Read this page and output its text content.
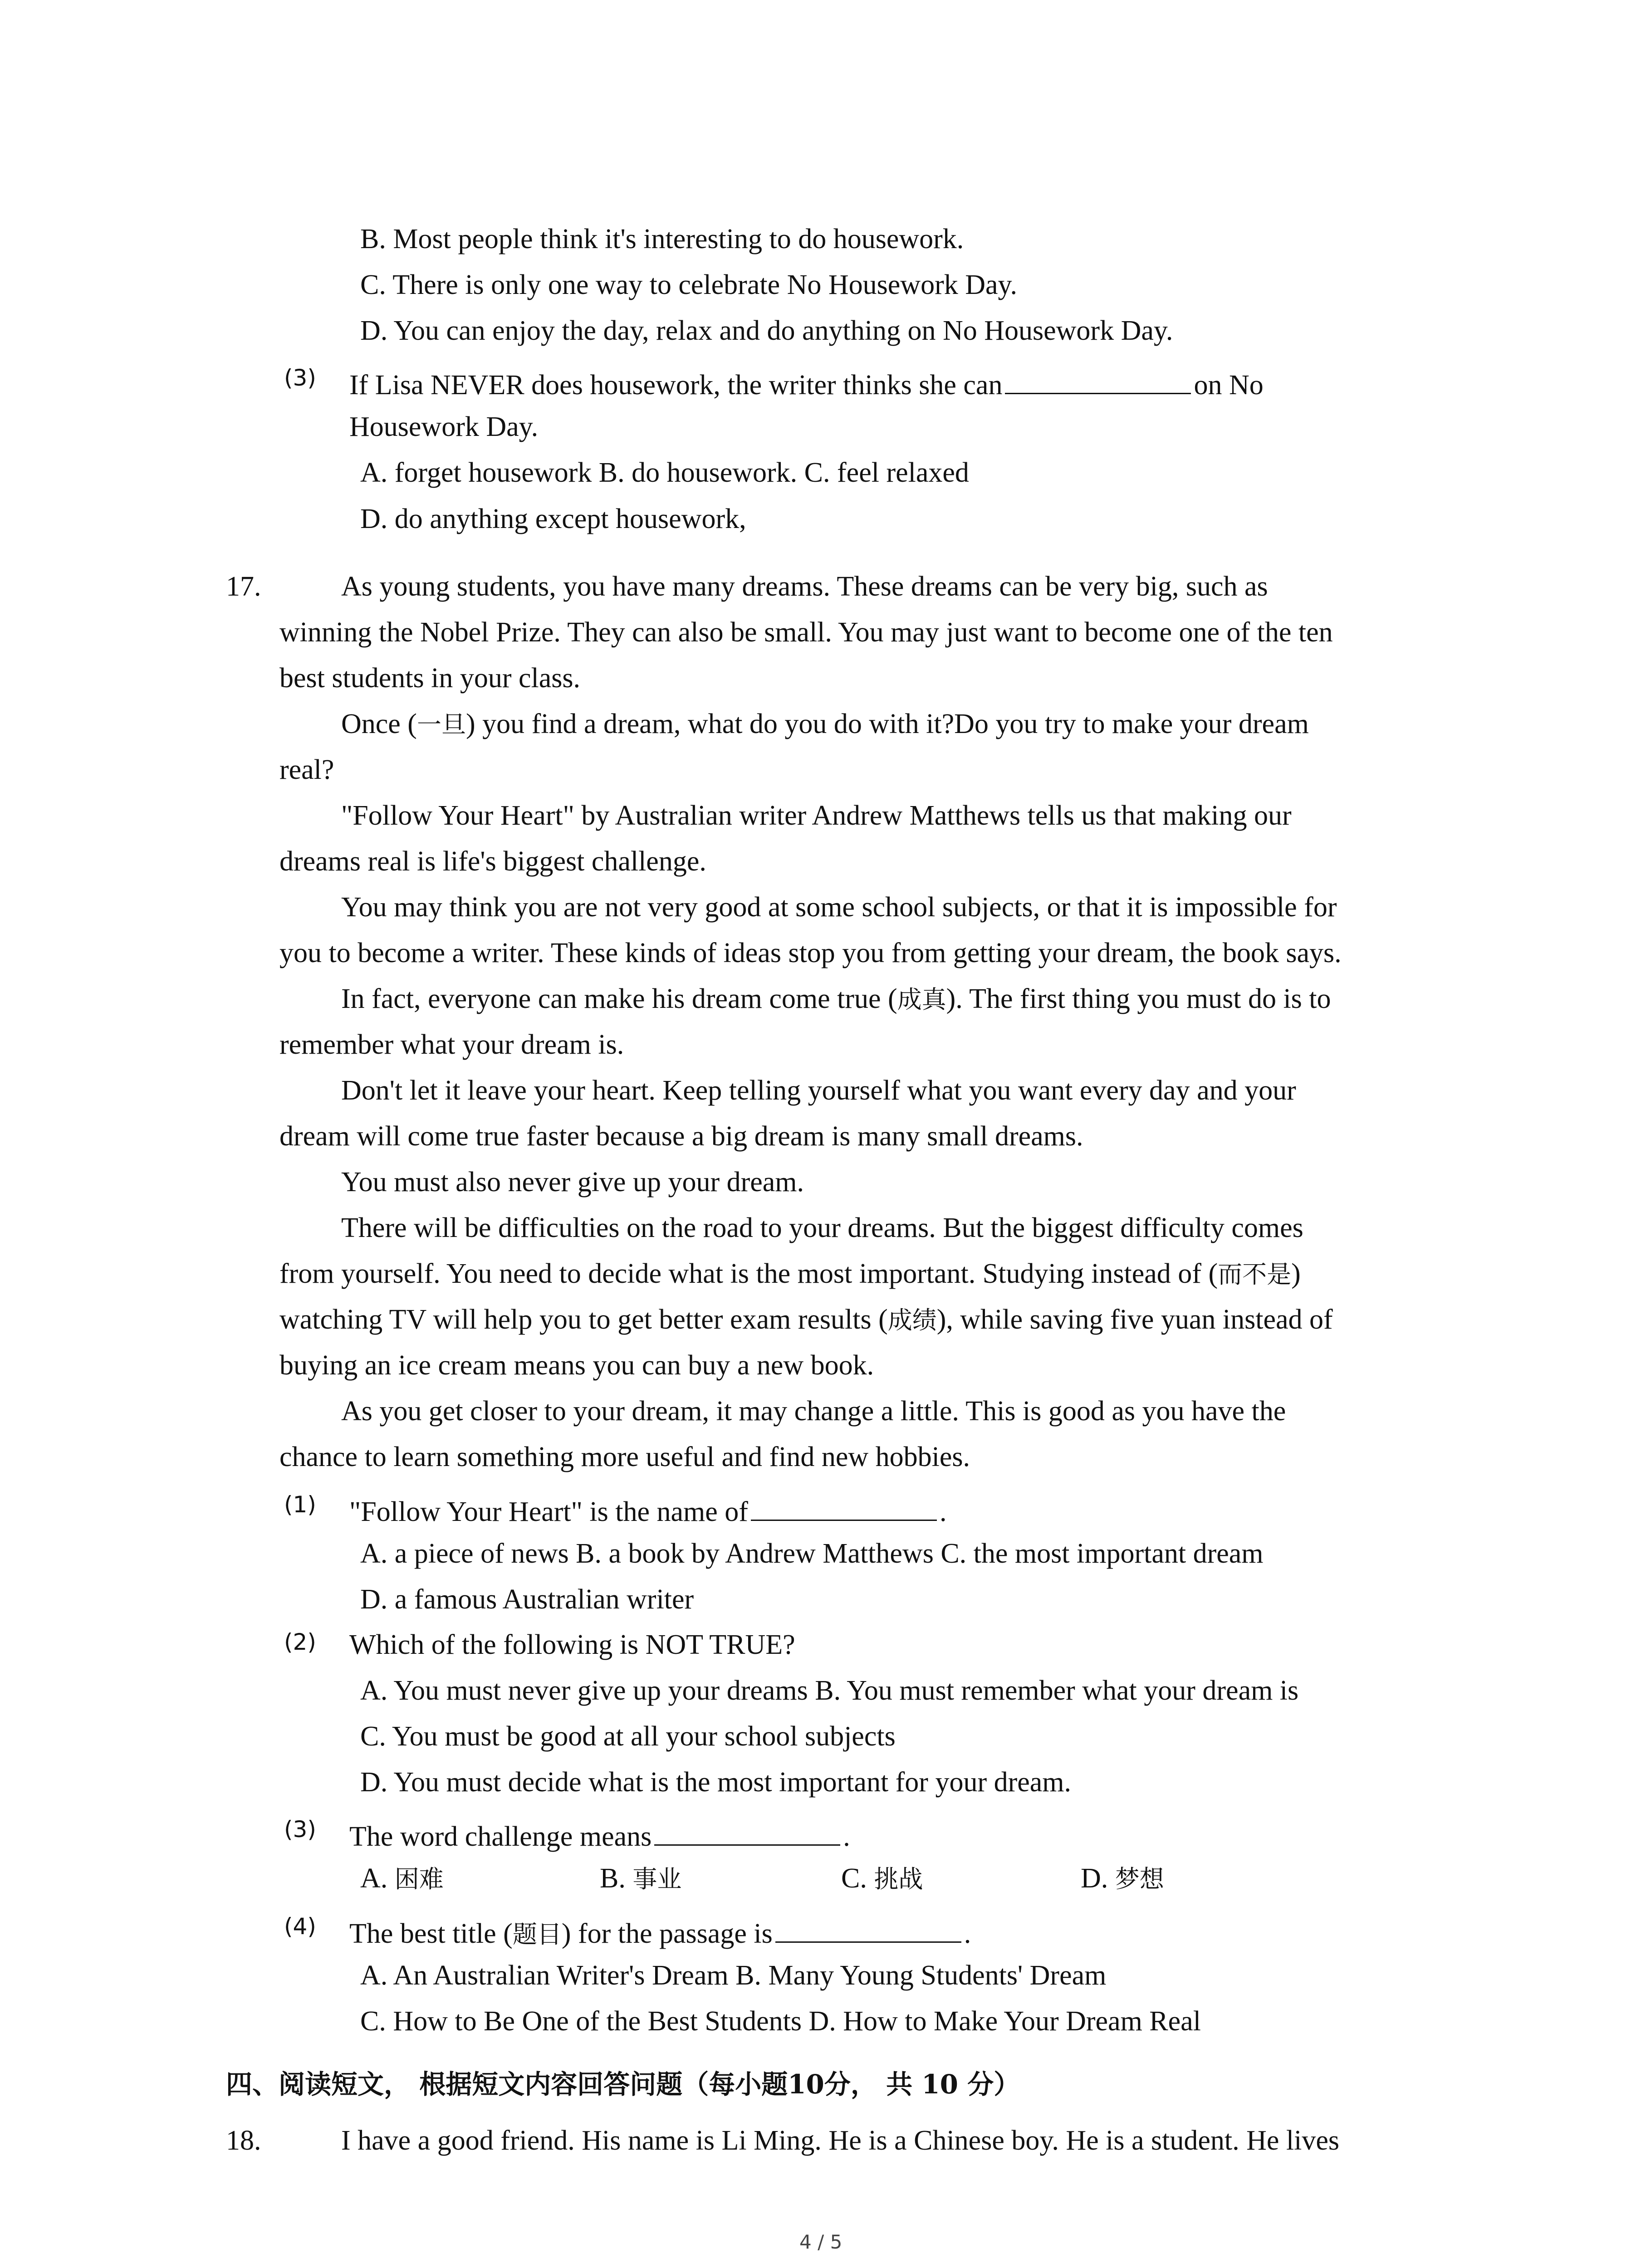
B. Most people think it's interesting to do housework.
C. There is only one way to celebrate No Housework Day.
D. You can enjoy the day, relax and do anything on No Housework Day.
(3) If Lisa NEVER does housework, the writer thinks she can	on No
Housework Day.
A. forget housework B. do housework. C. feel relaxed
D. do anything except housework,
17.	As young students, you have many dreams. These dreams can be very big, such as
winning the Nobel Prize. They can also be small. You may just want to become one of the ten
best students in your class.
Once (一旦) you find a dream, what do you do with it?Do you try to make your dream
real?
"Follow Your Heart" by Australian writer Andrew Matthews tells us that making our
dreams real is life's biggest challenge.
You may think you are not very good at some school subjects, or that it is impossible for
you to become a writer. These kinds of ideas stop you from getting your dream, the book says.
In fact, everyone can make his dream come true (成真). The first thing you must do is to
remember what your dream is.
Don't let it leave your heart. Keep telling yourself what you want every day and your
dream will come true faster because a big dream is many small dreams.
You must also never give up your dream.
There will be difficulties on the road to your dreams. But the biggest difficulty comes
from yourself. You need to decide what is the most important. Studying instead of (而不是)
watching TV will help you to get better exam results (成绩), while saving five yuan instead of
buying an ice cream means you can buy a new book.
As you get closer to your dream, it may change a little. This is good as you have the
chance to learn something more useful and find new hobbies.
(1) "Follow Your Heart" is the name of	.
A. a piece of news B. a book by Andrew Matthews C. the most important dream
D. a famous Australian writer
(2) Which of the following is NOT TRUE?
A. You must never give up your dreams B. You must remember what your dream is
C. You must be good at all your school subjects
D. You must decide what is the most important for your dream.
(3) The word challenge means	.
A. 困难	B. 事业	C. 挑战	D. 梦想
(4) The best title (题目) for the passage is	.
A. An Australian Writer's Dream B. Many Young Students' Dream
C. How to Be One of the Best Students D. How to Make Your Dream Real
四、阅读短文， 根据短文内容回答问题（每小题10分， 共 10 分）
18.	I have a good friend. His name is Li Ming. He is a Chinese boy. He is a student. He lives
4 / 5
